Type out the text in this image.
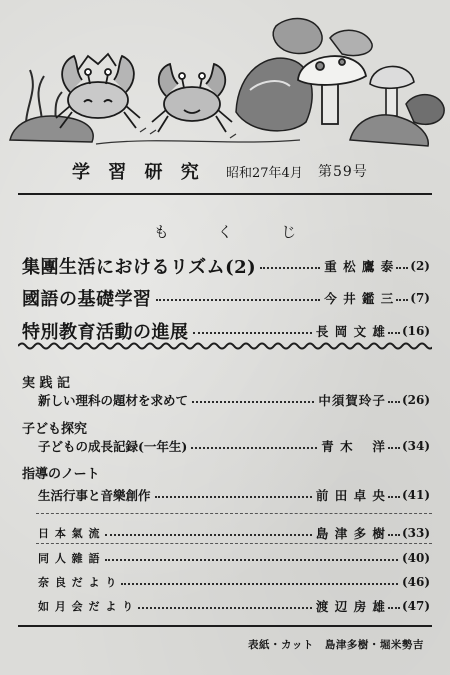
学 習 研 究 昭和27年4月 第59号
も く じ
集團生活におけるリズム(2)	重 松 鷹 泰 (2)
國語の基礎学習	今 井 鑑 三 (7)
特別教育活動の進展	長 岡 文 雄 (16)
実 践 記
新しい理科の題材を求めて	中須賀玲子 (26)
子ども探究
子どもの成長記録(一年生)	青 木　 洋 (34)
指導のノート
生活行事と音樂創作	前 田 卓 央 (41)
日 本 氣 流	島 津 多 樹 (33)
同 人 雜 語	(40)
奈 良 だ よ り	(46)
如 月 会 だ よ り	渡 辺 房 雄 (47)
表紙・カット　島津多樹・堀米勢吉
